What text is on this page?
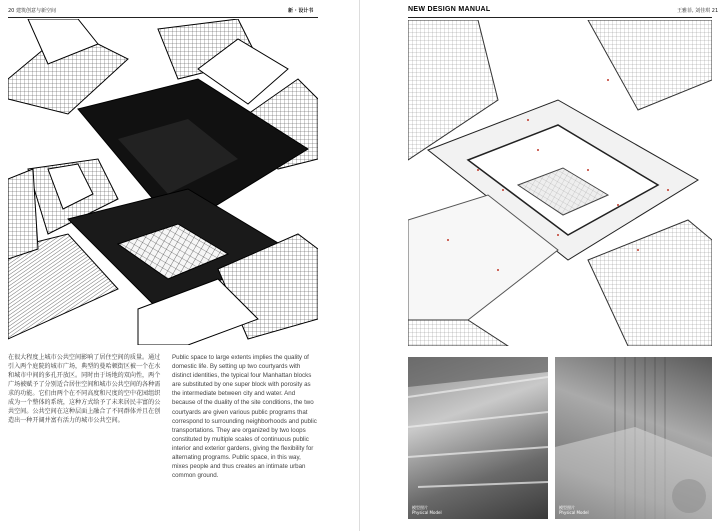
20 建筑创意与新空间	新 · 设计书
在很大程度上城市公共空间影响了居住空间的质量。通过引入两个庭院的城市广场，典型的曼哈顿街区被一个在水和城市中间的多孔开放区。同时由于场地的双向性，两个广场被赋予了分别适合居住空间和城市公共空间的各种需求的功能。它们由两个在不同高度和尺度的空中花园组织成为一个整体的系统，这种方式给予了未来居民丰富的公共空间。公共空间在这种层面上融合了不同群体并且在创造出一种开阔并富有活力的城市公共空间。
Public space to large extents implies the quality of domestic life. By setting up two courtyards with distinct identities, the typical four Manhattan blocks are substituted by one super block with porosity as the intermediate between city and water. And because of the duality of the site conditions, the two courtyards are given various public programs that correspond to surrounding neighborhoods and public transportations. They are organized by two loops constituted by multiple scales of continuous public interior and exterior gardens, giving the flexibility for alternating programs. Public space, in this way, mixes people and thus creates an intimate urban common ground.
NEW DESIGN MANUAL	王雅菲, 刘佳琪 21
模型照片
Physical Model
模型照片
Physical Model
